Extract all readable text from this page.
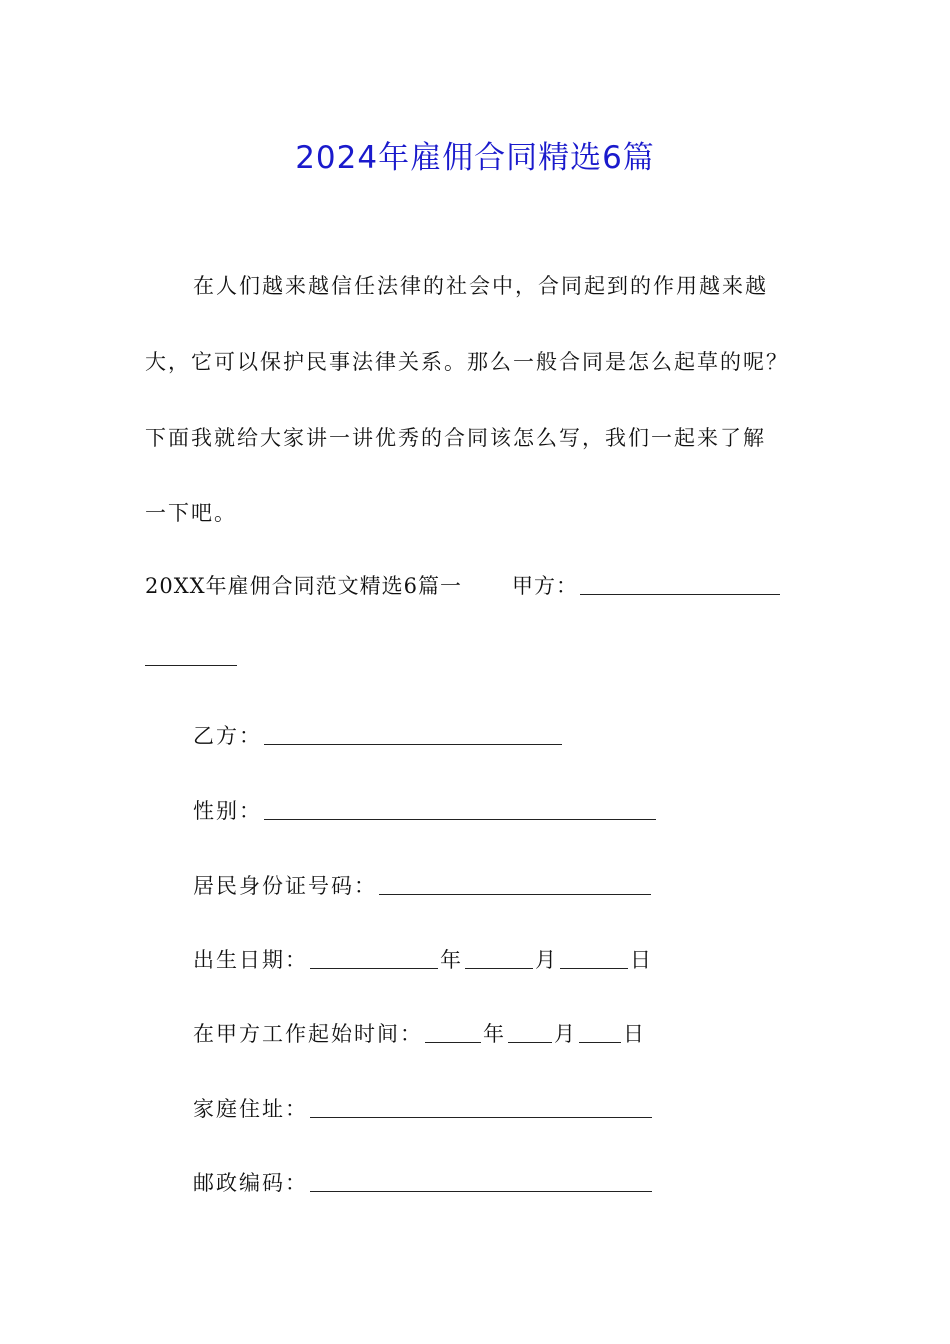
2024年雇佣合同精选6篇
在人们越来越信任法律的社会中，合同起到的作用越来越
大，它可以保护民事法律关系。那么一般合同是怎么起草的呢？
下面我就给大家讲一讲优秀的合同该怎么写，我们一起来了解
一下吧。
20XX年雇佣合同范文精选6篇一 甲方：
乙方：
性别：
居民身份证号码：
出生日期：	年	月	日
在甲方工作起始时间：	年 月 日
家庭住址：
邮政编码：
